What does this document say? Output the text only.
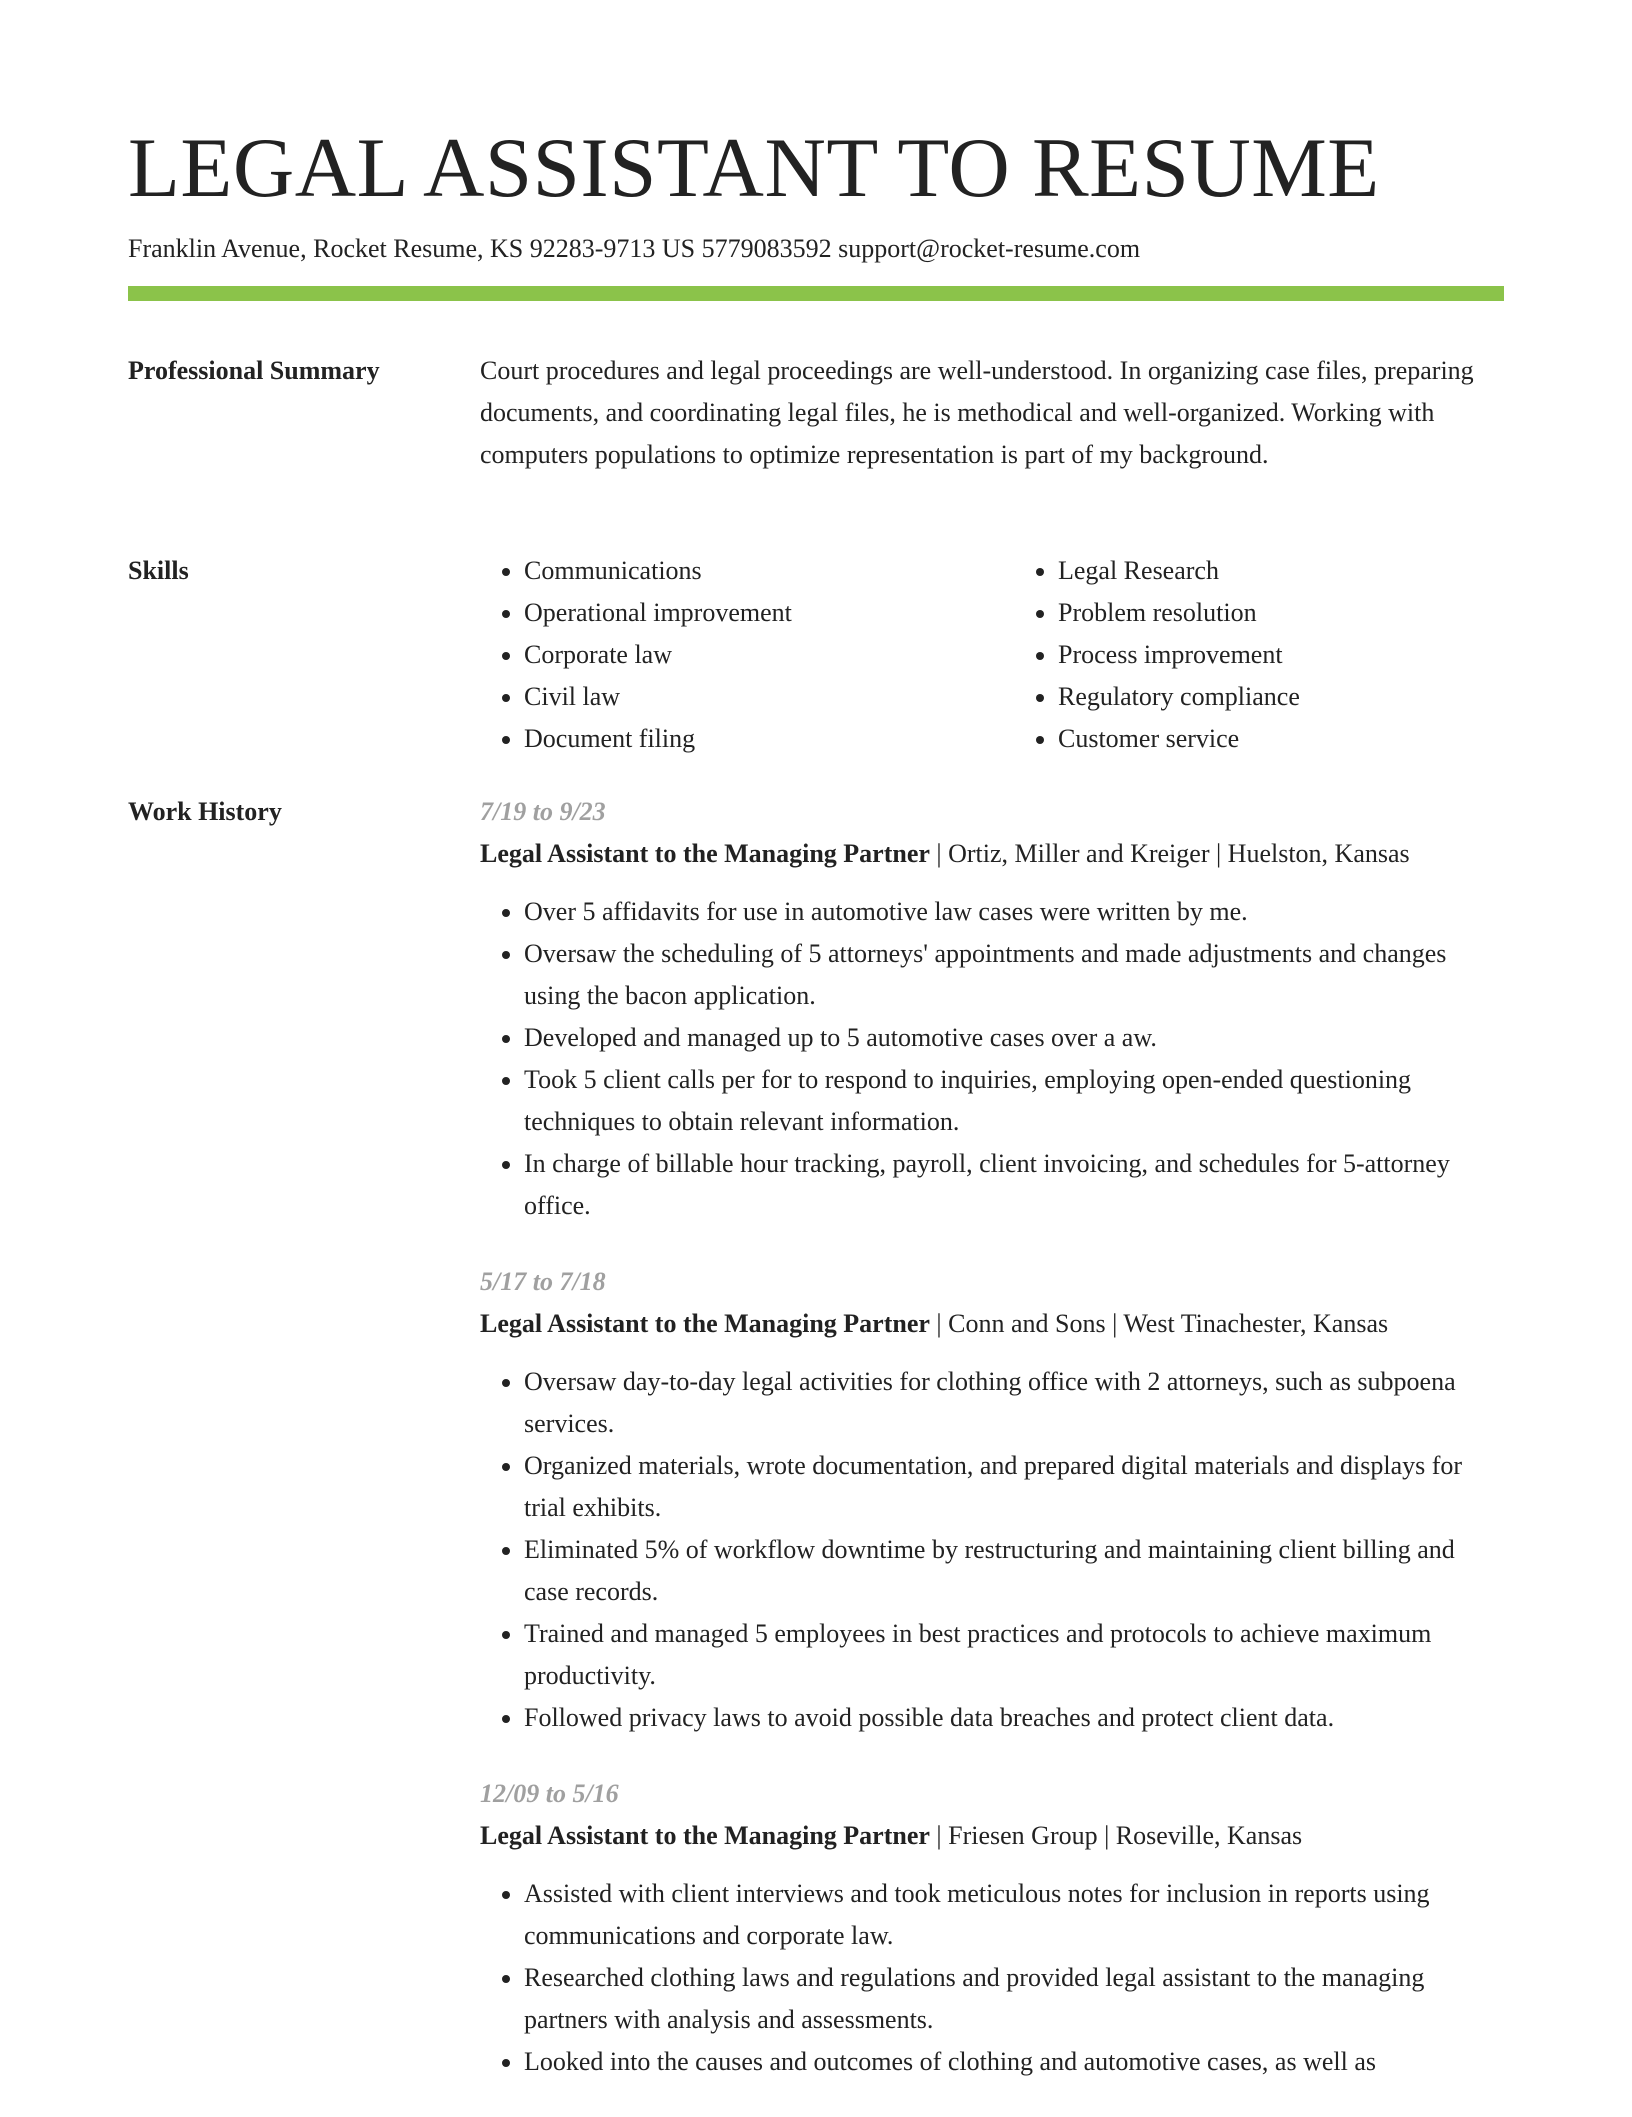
LEGAL ASSISTANT TO RESUME
Franklin Avenue, Rocket Resume, KS 92283-9713 US 5779083592 support@rocket-resume.com
Professional Summary	Court procedures and legal proceedings are well-understood. In organizing case files, preparing documents, and coordinating legal files, he is methodical and well-organized. Working with computers populations to optimize representation is part of my background.

Skills
•	Communications
• Operational improvement
• Corporate law
• Civil law
• Document filing
• Legal Research
• Problem resolution
• Process improvement
• Regulatory compliance
• Customer service
Work History	7/19 to 9/23

Legal Assistant to the Managing Partner | Ortiz, Miller and Kreiger | Huelston, Kansas

• Over 5 affidavits for use in automotive law cases were written by me.
• Oversaw the scheduling of 5 attorneys' appointments and made adjustments and changes using the bacon application.
• Developed and managed up to 5 automotive cases over a aw.
• Took 5 client calls per for to respond to inquiries, employing open-ended questioning techniques to obtain relevant information.
• In charge of billable hour tracking, payroll, client invoicing, and schedules for 5-attorney office.

5/17 to 7/18

Legal Assistant to the Managing Partner | Conn and Sons | West Tinachester, Kansas

• Oversaw day-to-day legal activities for clothing office with 2 attorneys, such as subpoena services.
• Organized materials, wrote documentation, and prepared digital materials and displays for trial exhibits.
• Eliminated 5% of workflow downtime by restructuring and maintaining client billing and case records.
• Trained and managed 5 employees in best practices and protocols to achieve maximum productivity.
• Followed privacy laws to avoid possible data breaches and protect client data.

12/09 to 5/16

Legal Assistant to the Managing Partner | Friesen Group | Roseville, Kansas

• Assisted with client interviews and took meticulous notes for inclusion in reports using communications and corporate law.
• Researched clothing laws and regulations and provided legal assistant to the managing partners with analysis and assessments.
• Looked into the causes and outcomes of clothing and automotive cases, as well as
